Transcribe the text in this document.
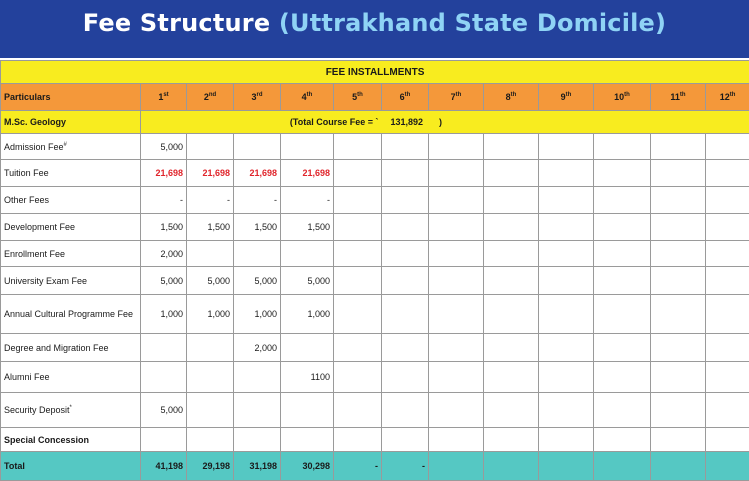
Fee Structure (Uttrakhand State Domicile)
FEE INSTALLMENTS												
Particulars	1st	2nd	3rd	4th	5th	6th	7th	8th	9th	10th	11th	12th
M.Sc. Geology	(Total Course Fee = `					131,892 )						
Admission Fee#	5,000											
Tuition Fee	21,698	21,698	21,698	21,698								
Other Fees	-	-	-	-								
Development Fee	1,500	1,500	1,500	1,500								
Enrollment Fee	2,000											
University Exam Fee	5,000	5,000	5,000	5,000								
Annual Cultural Programme Fee	1,000	1,000	1,000	1,000								
Degree and Migration Fee			2,000									
Alumni Fee				1100								
Security Deposit*	5,000											
Special Concession												
Total	41,198	29,198	31,198	30,298	-	-						
